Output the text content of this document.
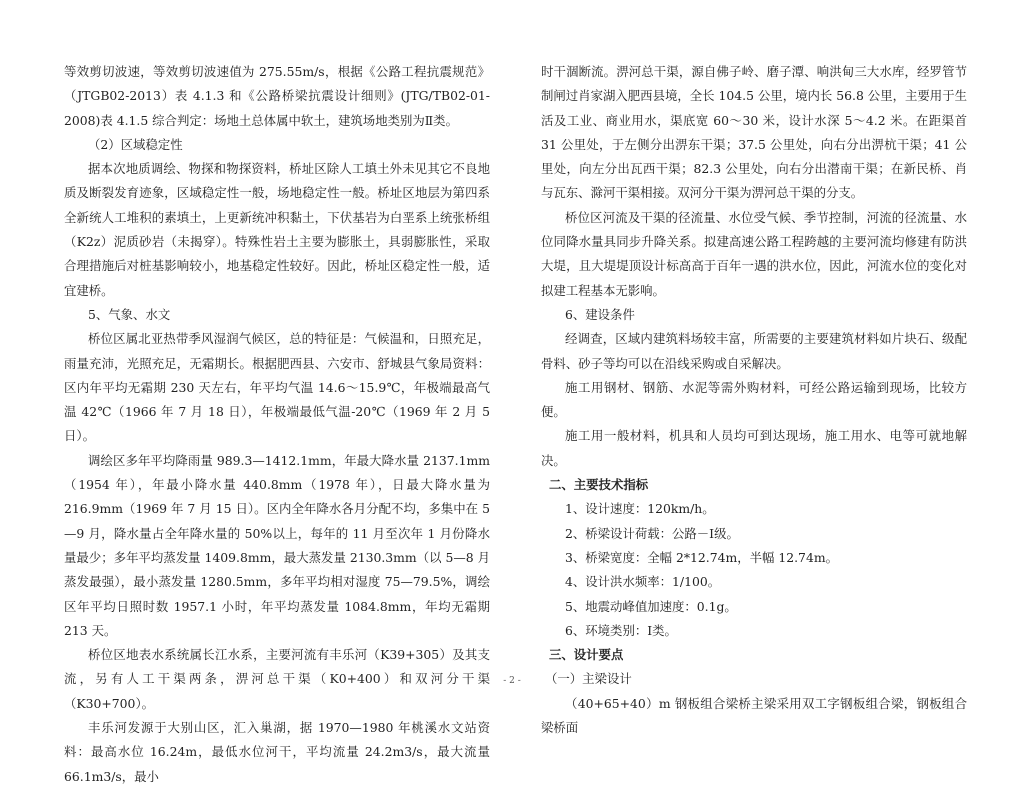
等效剪切波速，等效剪切波速值为 275.55m/s，根据《公路工程抗震规范》（JTGB02-2013）表 4.1.3 和《公路桥梁抗震设计细则》(JTG/TB02-01-2008)表 4.1.5 综合判定：场地土总体属中软土，建筑场地类别为Ⅱ类。

（2）区域稳定性

据本次地质调绘、物探和物探资料，桥址区除人工填土外未见其它不良地质及断裂发育迹象，区域稳定性一般，场地稳定性一般。桥址区地层为第四系全新统人工堆积的素填土，上更新统冲积黏土，下伏基岩为白垩系上统张桥组（K2z）泥质砂岩（未揭穿）。特殊性岩土主要为膨胀土，具弱膨胀性，采取合理措施后对桩基影响较小，地基稳定性较好。因此，桥址区稳定性一般，适宜建桥。

5、气象、水文

桥位区属北亚热带季风湿润气候区，总的特征是：气候温和，日照充足，雨量充沛，光照充足，无霜期长。根据肥西县、六安市、舒城县气象局资料：区内年平均无霜期 230 天左右，年平均气温 14.6～15.9℃，年极端最高气温 42℃（1966 年 7 月 18 日），年极端最低气温-20℃（1969 年 2 月 5 日）。

调绘区多年平均降雨量 989.3—1412.1mm，年最大降水量 2137.1mm（1954 年），年最小降水量 440.8mm（1978 年），日最大降水量为 216.9mm（1969 年 7 月 15 日）。区内全年降水各月分配不均，多集中在 5—9 月，降水量占全年降水量的 50%以上，每年的 11 月至次年 1 月份降水量最少；多年平均蒸发量 1409.8mm，最大蒸发量 2130.3mm（以 5—8 月蒸发最强），最小蒸发量 1280.5mm，多年平均相对湿度 75—79.5%，调绘区年平均日照时数 1957.1 小时，年平均蒸发量 1084.8mm，年均无霜期 213 天。

桥位区地表水系统属长江水系，主要河流有丰乐河（K39+305）及其支流，另有人工干渠两条，淠河总干渠（K0+400）和双河分干渠（K30+700）。

丰乐河发源于大别山区，汇入巢湖，据 1970—1980 年桃溪水文站资料：最高水位 16.24m，最低水位河干，平均流量 24.2m3/s，最大流量 66.1m3/s，最小

时干涸断流。淠河总干渠，源自佛子岭、磨子潭、响洪甸三大水库，经罗管节制闸过肖家湖入肥西县境，全长 104.5 公里，境内长 56.8 公里，主要用于生活及工业、商业用水，渠底宽 60～30 米，设计水深 5～4.2 米。在距渠首 31 公里处，于左侧分出淠东干渠；37.5 公里处，向右分出淠杭干渠；41 公里处，向左分出瓦西干渠；82.3 公里处，向右分出潜南干渠；在新民桥、肖与瓦东、滁河干渠相接。双河分干渠为淠河总干渠的分支。

桥位区河流及干渠的径流量、水位受气候、季节控制，河流的径流量、水位同降水量具同步升降关系。拟建高速公路工程跨越的主要河流均修建有防洪大堤，且大堤堤顶设计标高高于百年一遇的洪水位，因此，河流水位的变化对拟建工程基本无影响。

6、建设条件

经调查，区域内建筑料场较丰富，所需要的主要建筑材料如片块石、级配骨料、砂子等均可以在沿线采购或自采解决。

施工用钢材、钢筋、水泥等需外购材料，可经公路运输到现场，比较方便。

施工用一般材料，机具和人员均可到达现场，施工用水、电等可就地解决。

二、主要技术指标

1、设计速度：120km/h。

2、桥梁设计荷载：公路－Ⅰ级。

3、桥梁宽度：全幅 2*12.74m，半幅 12.74m。

4、设计洪水频率：1/100。

5、地震动峰值加速度：0.1g。

6、环境类别：Ⅰ类。

三、设计要点

（一）主梁设计

（40+65+40）m 钢板组合梁桥主梁采用双工字钢板组合梁，钢板组合梁桥面

- 2 -
